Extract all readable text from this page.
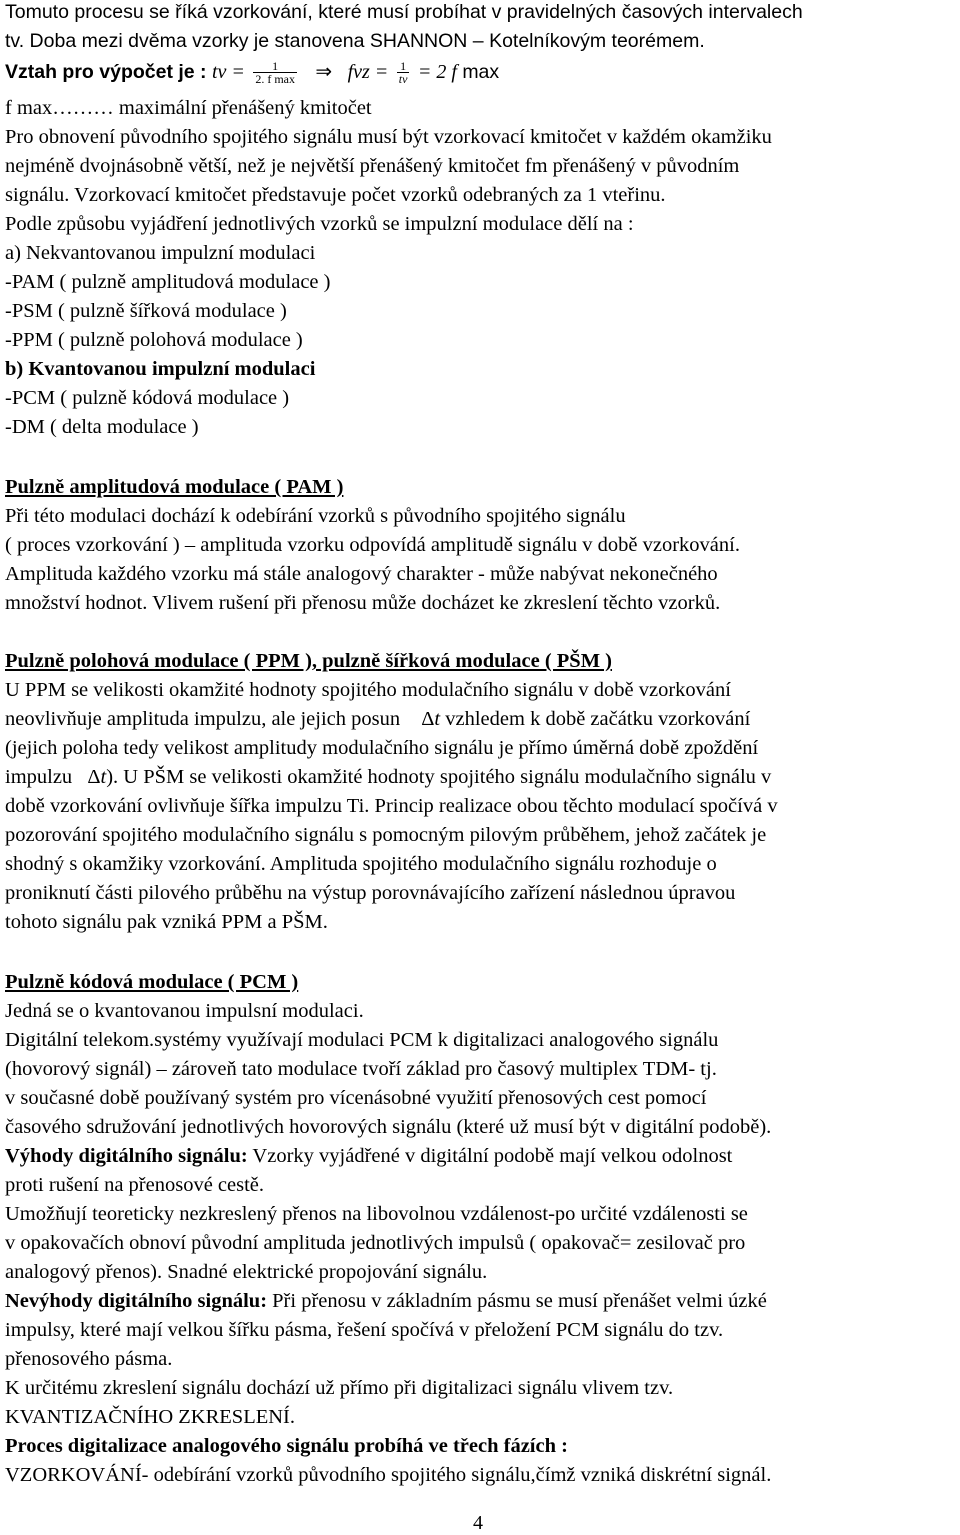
Tomuto procesu se říká vzorkování, které musí probíhat v pravidelných časových intervalech
tv. Doba mezi dvěma vzorky je stanovena SHANNON – Kotelníkovým teorémem.
Vztah pro výpočet je : tv = $\frac{1}{\text{2. f max}}$ ⇒ fvz = $\frac{1}{tv} = 2$ f max
f max……… maximální přenášený kmitočet
Pro obnovení původního spojitého signálu musí být vzorkovací kmitočet v každém okamžiku
nejméně dvojnásobně větší, než je největší přenášený kmitočet fm přenášený v původním
signálu. Vzorkovací kmitočet představuje počet vzorků odebraných za 1 vteřinu.
Podle způsobu vyjádření jednotlivých vzorků se impulzní modulace dělí na :
a) Nekvantovanou impulzní modulaci
-PAM ( pulzně amplitudová modulace )
-PSM ( pulzně šířková modulace )
-PPM ( pulzně polohová modulace )
b) Kvantovanou impulzní modulaci
-PCM ( pulzně kódová modulace )
-DM ( delta modulace )
Pulzně amplitudová modulace ( PAM )
Při této modulaci dochází k odebírání vzorků s původního spojitého signálu
( proces vzorkování ) – amplituda vzorku odpovídá amplitudě signálu v době vzorkování.
Amplituda každého vzorku má stále analogový charakter - může nabývat nekonečného
množství hodnot. Vlivem rušení při přenosu může docházet ke zkreslení těchto vzorků.
Pulzně polohová modulace ( PPM ), pulzně šířková modulace ( PŠM )
U PPM se velikosti okamžité hodnoty spojitého modulačního signálu v době vzorkování
neovlivňuje amplituda impulzu, ale jejich posun Δt vzhledem k době začátku vzorkování
(jejich poloha tedy velikost amplitudy modulačního signálu je přímo úměrná době zpoždění
impulzu Δt). U PŠM se velikosti okamžité hodnoty spojitého signálu modulačního signálu v
době vzorkování ovlivňuje šířka impulzu Ti. Princip realizace obou těchto modulací spočívá v
pozorování spojitého modulačního signálu s pomocným pilovým průběhem, jehož začátek je
shodný s okamžiky vzorkování. Amplituda spojitého modulačního signálu rozhoduje o
proniknutí části pilového průběhu na výstup porovnávajícího zařízení následnou úpravou
tohoto signálu pak vzniká PPM a PŠM.
Pulzně kódová modulace ( PCM )
Jedná se o kvantovanou impulsní modulaci.
Digitální telekom.systémy využívají modulaci PCM k digitalizaci analogového signálu
(hovorový signál) – zároveň tato modulace tvoří základ pro časový multiplex TDM- tj.
v současné době používaný systém pro vícenásobné využití přenosových cest pomocí
časového sdružování jednotlivých hovorových signálu (které už musí být v digitální podobě).
Výhody digitálního signálu: Vzorky vyjádřené v digitální podobě mají velkou odolnost
proti rušení na přenosové cestě.
Umožňují teoreticky nezkreslený přenos na libovolnou vzdálenost-po určité vzdálenosti se
v opakovačích obnoví původní amplituda jednotlivých impulsů ( opakovač= zesilovač pro
analogový přenos). Snadné elektrické propojování signálu.
Nevýhody digitálního signálu: Při přenosu v základním pásmu se musí přenášet velmi úzké
impulsy, které mají velkou šířku pásma, řešení spočívá v přeložení PCM signálu do tzv.
přenosového pásma.
K určitému zkreslení signálu dochází už přímo při digitalizaci signálu vlivem tzv.
KVANTIZAČNÍHO ZKRESLENÍ.
Proces digitalizace analogového signálu probíhá ve třech fázích :
VZORKOVÁNÍ- odebírání vzorků původního spojitého signálu,čímž vzniká diskrétní signál.
4
